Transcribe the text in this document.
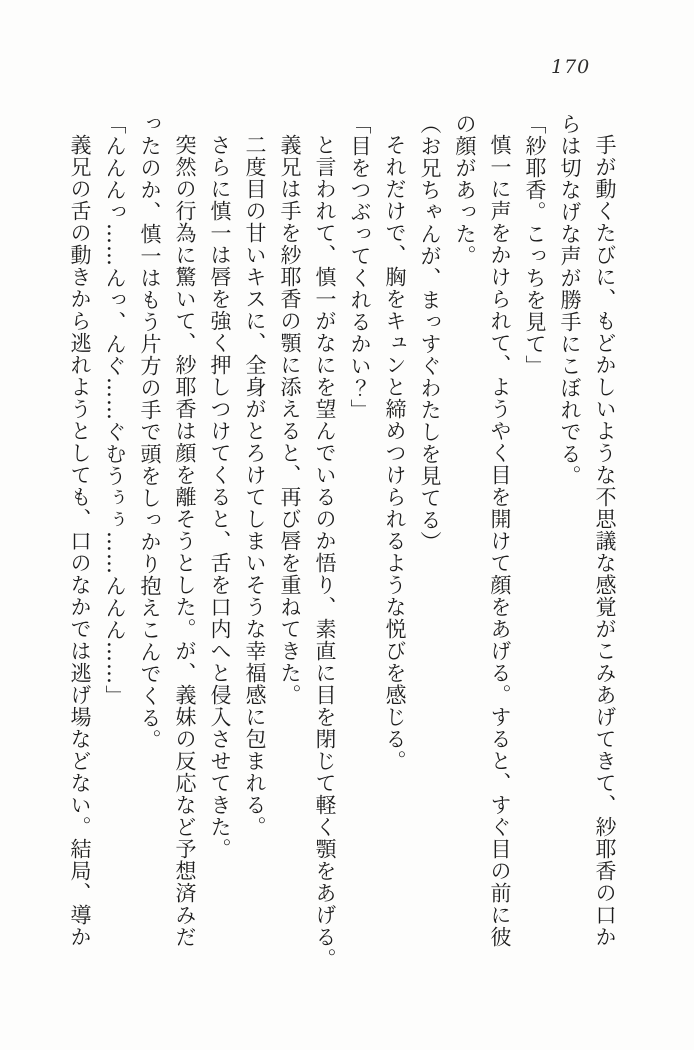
170

手が動くたびに、もどかしいような不思議な感覚がこみあげてきて、紗耶香の口か

らは切なげな声が勝手にこぼれでる。

「紗耶香。こっちを見て」

慎一に声をかけられて、ようやく目を開けて顔をあげる。すると、すぐ目の前に彼

の顔があった。

（お兄ちゃんが、まっすぐわたしを見てる）

それだけで、胸をキュンと締めつけられるような悦びを感じる。

「目をつぶってくれるかい？」

と言われて、慎一がなにを望んでいるのか悟り、素直に目を閉じて軽く顎をあげる。

義兄は手を紗耶香の顎に添えると、再び唇を重ねてきた。

二度目の甘いキスに、全身がとろけてしまいそうな幸福感に包まれる。

さらに慎一は唇を強く押しつけてくると、舌を口内へと侵入させてきた。

突然の行為に驚いて、紗耶香は顔を離そうとした。が、義妹の反応など予想済みだ

ったのか、慎一はもう片方の手で頭をしっかり抱えこんでくる。

「んんんっ……んっ、んぐ……ぐむうぅぅ……んんん……」

義兄の舌の動きから逃れようとしても、口のなかでは逃げ場などない。結局、導か
